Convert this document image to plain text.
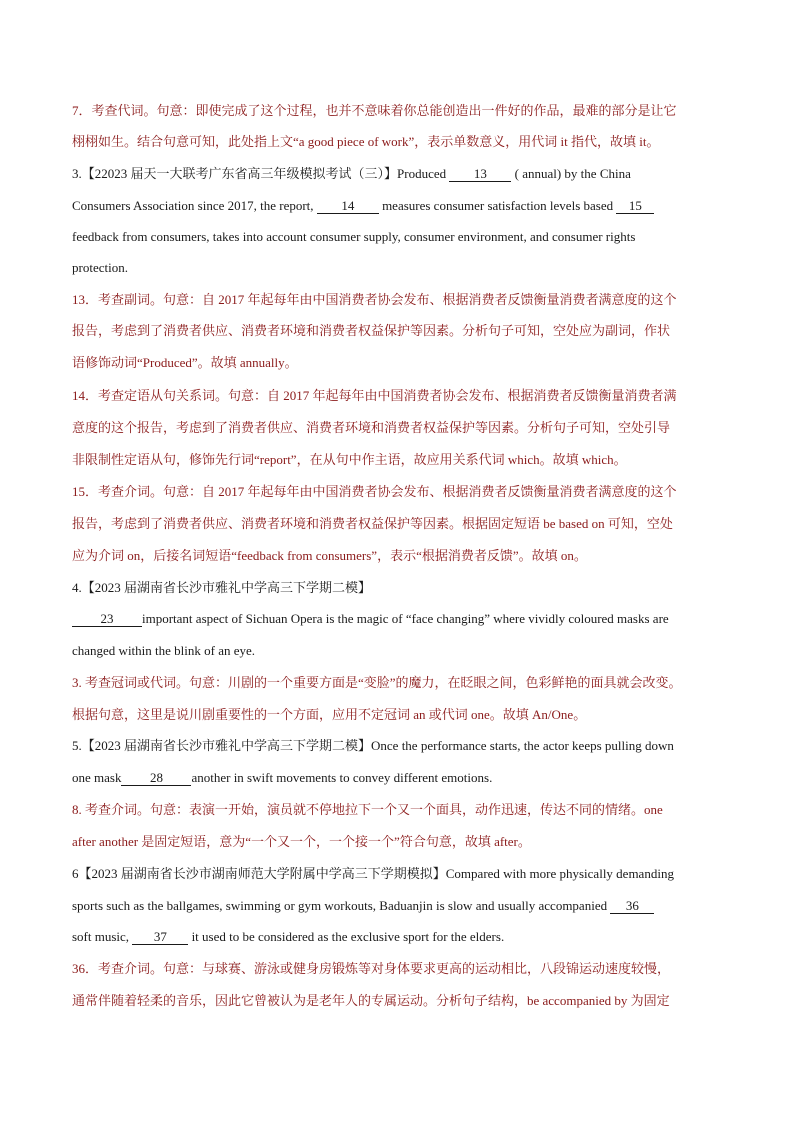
7．考查代词。句意：即使完成了这个过程，也并不意味着你总能创造出一件好的作品，最难的部分是让它
栩栩如生。结合句意可知，此处指上文“a good piece of work”，表示单数意义，用代词 it 指代，故填 it。
3.【22023 届天一大联考广东省高三年级模拟考试（三）】Produced 13 ( annual) by the China
Consumers Association since 2017, the report, 14 measures consumer satisfaction levels based 15
feedback from consumers, takes into account consumer supply, consumer environment, and consumer rights
protection.
13．考查副词。句意：自 2017 年起每年由中国消费者协会发布、根据消费者反馈衡量消费者满意度的这个
报告，考虑到了消费者供应、消费者环境和消费者权益保护等因素。分析句子可知，空处应为副词，作状
语修饰动词“Produced”。故填 annually。
14．考查定语从句关系词。句意：自 2017 年起每年由中国消费者协会发布、根据消费者反馈衡量消费者满
意度的这个报告，考虑到了消费者供应、消费者环境和消费者权益保护等因素。分析句子可知，空处引导
非限制性定语从句，修饰先行词“report”，在从句中作主语，故应用关系代词 which。故填 which。
15．考查介词。句意：自 2017 年起每年由中国消费者协会发布、根据消费者反馈衡量消费者满意度的这个
报告，考虑到了消费者供应、消费者环境和消费者权益保护等因素。根据固定短语 be based on 可知，空处
应为介词 on，后接名词短语“feedback from consumers”，表示“根据消费者反馈”。故填 on。
4.【2023 届湖南省长沙市雅礼中学高三下学期二模】
23 important aspect of Sichuan Opera is the magic of “face changing” where vividly coloured masks are
changed within the blink of an eye.
3. 考查冠词或代词。句意：川剧的一个重要方面是“变脸”的魔力，在眨眼之间，色彩鲜艳的面具就会改变。
根据句意，这里是说川剧重要性的一个方面，应用不定冠词 an 或代词 one。故填 An/One。
5.【2023 届湖南省长沙市雅礼中学高三下学期二模】Once the performance starts, the actor keeps pulling down
one mask 28 another in swift movements to convey different emotions.
8. 考查介词。句意：表演一开始，演员就不停地拉下一个又一个面具，动作迅速，传达不同的情绪。one
after another 是固定短语，意为“一个又一个，一个接一个”符合句意，故填 after。
6【2023 届湖南省长沙市湖南师范大学附属中学高三下学期模拟】Compared with more physically demanding
sports such as the ballgames, swimming or gym workouts, Baduanjin is slow and usually accompanied 36
soft music, 37 it used to be considered as the exclusive sport for the elders.
36．考查介词。句意：与球赛、游泳或健身房锻炼等对身体要求更高的运动相比，八段锦运动速度较慢，
通常伴随着轻柔的音乐，因此它曾被认为是老年人的专属运动。分析句子结构，be accompanied by 为固定
